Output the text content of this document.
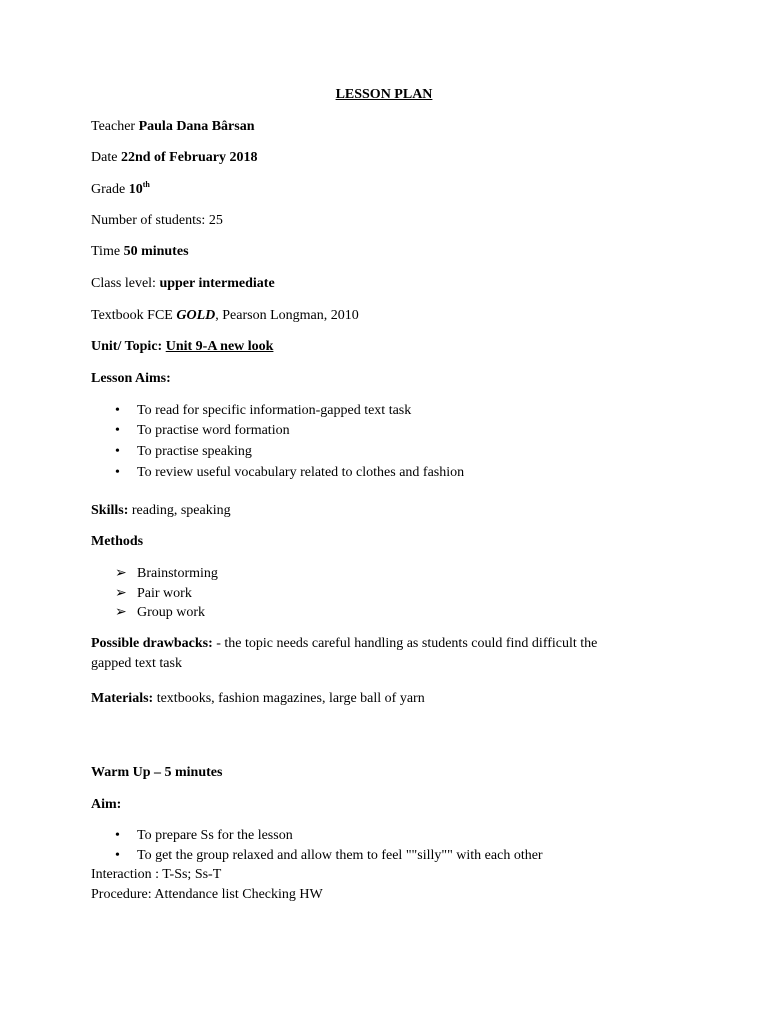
LESSON PLAN
Teacher Paula Dana Bârsan
Date 22nd of February 2018
Grade 10th
Number of students: 25
Time 50 minutes
Class level: upper intermediate
Textbook FCE GOLD, Pearson Longman, 2010
Unit/ Topic: Unit 9-A new look
Lesson Aims:
•	To read for specific information-gapped text task
•	To practise word formation
•	To practise speaking
•	To review useful vocabulary related to clothes and fashion
Skills: reading, speaking
Methods
➢ Brainstorming
➢ Pair work
➢ Group work
Possible drawbacks: - the topic needs careful handling as students could find difficult the
gapped text task
Materials: textbooks, fashion magazines, large ball of yarn
Warm Up – 5 minutes
Aim:
•	To prepare Ss for the lesson
•	To get the group relaxed and allow them to feel ""silly"" with each other
Interaction : T-Ss; Ss-T
Procedure: Attendance list Checking HW
